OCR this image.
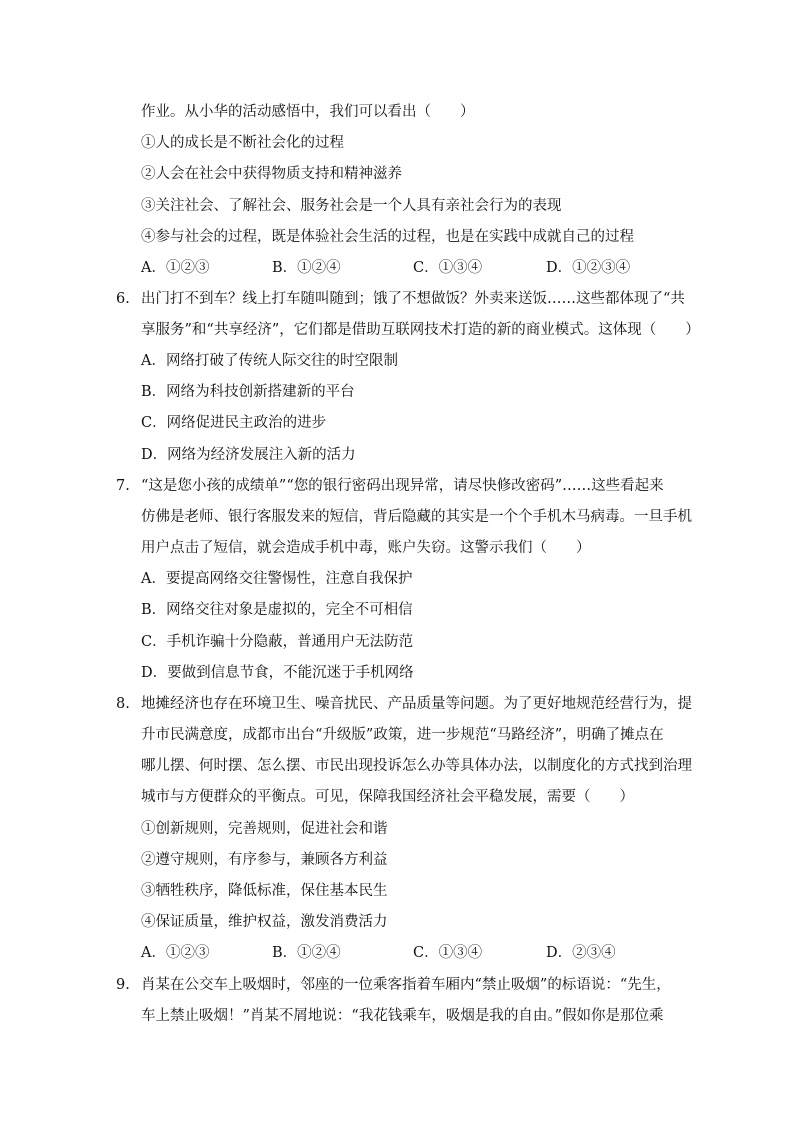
作业。从小华的活动感悟中，我们可以看出（　　）
①人的成长是不断社会化的过程
②人会在社会中获得物质支持和精神滋养
③关注社会、了解社会、服务社会是一个人具有亲社会行为的表现
④参与社会的过程，既是体验社会生活的过程，也是在实践中成就自己的过程
A．①②③	B．①②④	C．①③④	D．①②③④
6. 出门打不到车？线上打车随叫随到；饿了不想做饭？外卖来送饭……这些都体现了“共
享服务”和“共享经济”，它们都是借助互联网技术打造的新的商业模式。这体现（　　）
A．网络打破了传统人际交往的时空限制
B．网络为科技创新搭建新的平台
C．网络促进民主政治的进步
D．网络为经济发展注入新的活力
7. “这是您小孩的成绩单”“您的银行密码出现异常，请尽快修改密码”……这些看起来
仿佛是老师、银行客服发来的短信，背后隐藏的其实是一个个手机木马病毒。一旦手机
用户点击了短信，就会造成手机中毒，账户失窃。这警示我们（　　）
A．要提高网络交往警惕性，注意自我保护
B．网络交往对象是虚拟的，完全不可相信
C．手机诈骗十分隐蔽，普通用户无法防范
D．要做到信息节食，不能沉迷于手机网络
8. 地摊经济也存在环境卫生、噪音扰民、产品质量等问题。为了更好地规范经营行为，提
升市民满意度，成都市出台“升级版”政策，进一步规范“马路经济”，明确了摊点在
哪儿摆、何时摆、怎么摆、市民出现投诉怎么办等具体办法，以制度化的方式找到治理
城市与方便群众的平衡点。可见，保障我国经济社会平稳发展，需要（　　）
①创新规则，完善规则，促进社会和谐
②遵守规则，有序参与，兼顾各方利益
③牺牲秩序，降低标准，保住基本民生
④保证质量，维护权益，激发消费活力
A．①②③	B．①②④	C．①③④	D．②③④
9. 肖某在公交车上吸烟时，邻座的一位乘客指着车厢内“禁止吸烟”的标语说：“先生，
车上禁止吸烟！”肖某不屑地说：“我花钱乘车，吸烟是我的自由。”假如你是那位乘
